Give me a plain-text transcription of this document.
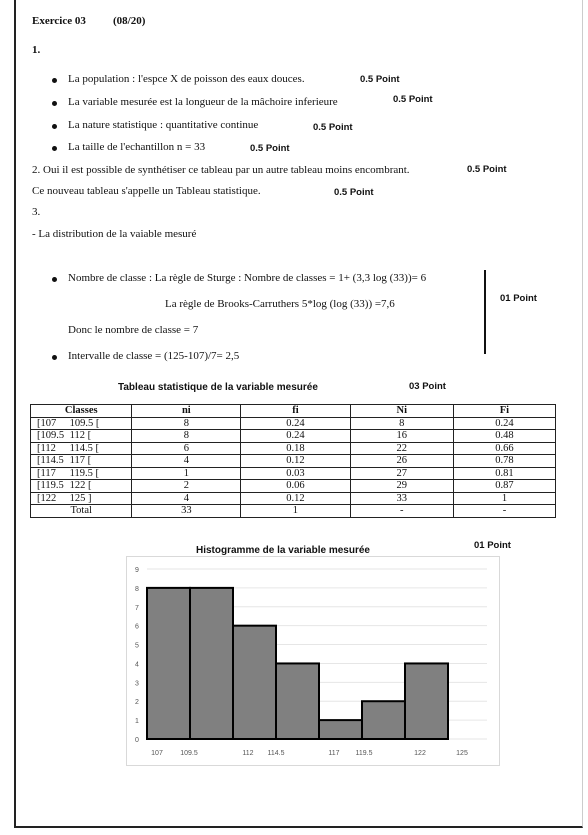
Exercice 03 (08/20)
1.
La population : l'espce X de poisson des eaux douces.	0.5 Point
La variable mesurée est la longueur de la mâchoire inferieure	0.5 Point
La nature statistique : quantitative continue	0.5 Point
La taille de l'echantillon n = 33	0.5 Point
2. Oui il est possible de synthétiser ce tableau par un autre tableau moins encombrant.	0.5 Point
Ce nouveau tableau s'appelle un Tableau statistique.	0.5 Point
3.
- La distribution de la vaiable mesuré
Nombre de classe : La règle de Sturge : Nombre de classes = 1+ (3,3 log (33))= 6
La règle de Brooks-Carruthers 5*log (log (33)) =7,6	01 Point
Donc le nombre de classe = 7
Intervalle de classe = (125-107)/7= 2,5
Tableau statistique de la variable mesurée	03 Point
Classes	ni	fi	Ni	Fi
[107 109.5 [	8	0.24	8	0.24
[109.5 112 [	8	0.24	16	0.48
[112 114.5 [	6	0.18	22	0.66
[114.5 117 [	4	0.12	26	0.78
[117 119.5 [	1	0.03	27	0.81
[119.5 122 [	2	0.06	29	0.87
[122 125 ]	4	0.12	33	1
Total	33	1	-	-
Histogramme de la variable mesurée	01 Point
0
1
2
3
4
5
6
7
8
9
107 109.5	112 114.5	117 119.5	122	125
